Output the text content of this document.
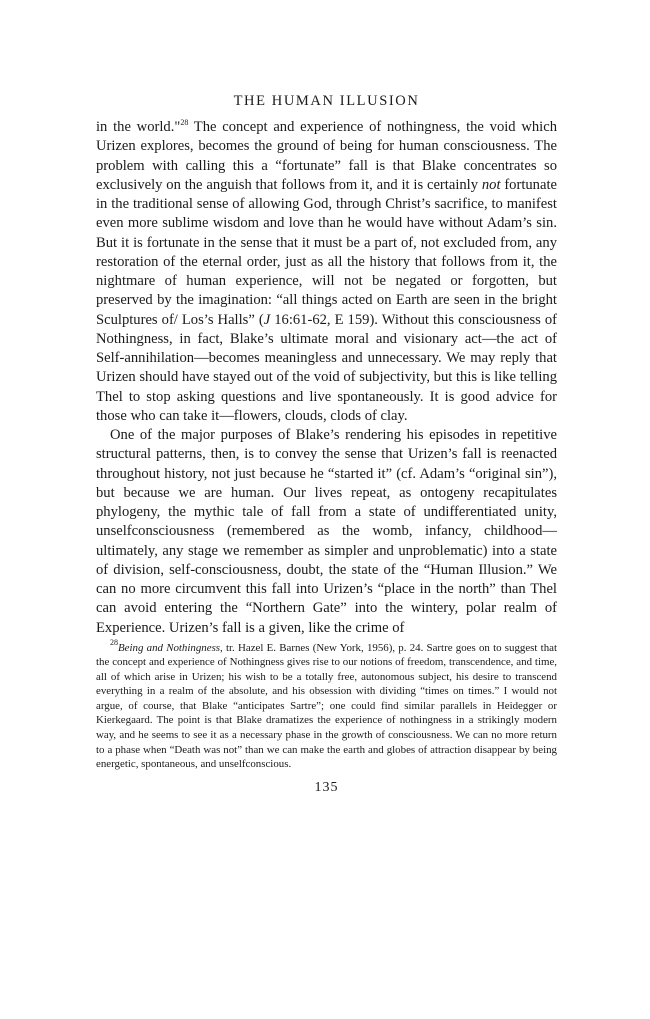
THE HUMAN ILLUSION

in the world."$^{28}$ The concept and experience of nothingness, the void which Urizen explores, becomes the ground of being for human consciousness. The problem with calling this a “fortunate” fall is that Blake concentrates so exclusively on the anguish that follows from it, and it is certainly not fortunate in the traditional sense of allowing God, through Christ’s sacrifice, to manifest even more sublime wisdom and love than he would have without Adam’s sin. But it is fortunate in the sense that it must be a part of, not excluded from, any restoration of the eternal order, just as all the history that follows from it, the nightmare of human experience, will not be negated or forgotten, but preserved by the imagination: “all things acted on Earth are seen in the bright Sculptures of/ Los’s Halls” (J 16:61-62, E 159). Without this consciousness of Nothingness, in fact, Blake’s ultimate moral and visionary act—the act of Self-annihilation—becomes meaningless and unnecessary. We may reply that Urizen should have stayed out of the void of subjectivity, but this is like telling Thel to stop asking questions and live spontaneously. It is good advice for those who can take it—flowers, clouds, clods of clay.

One of the major purposes of Blake’s rendering his episodes in repetitive structural patterns, then, is to convey the sense that Urizen’s fall is reenacted throughout history, not just because he “started it” (cf. Adam’s “original sin”), but because we are human. Our lives repeat, as ontogeny recapitulates phylogeny, the mythic tale of fall from a state of undifferentiated unity, unselfconsciousness (remembered as the womb, infancy, childhood—ultimately, any stage we remember as simpler and unproblematic) into a state of division, self-consciousness, doubt, the state of the “Human Illusion.” We can no more circumvent this fall into Urizen’s “place in the north” than Thel can avoid entering the “Northern Gate” into the wintery, polar realm of Experience. Urizen’s fall is a given, like the crime of

$^{28}$Being and Nothingness, tr. Hazel E. Barnes (New York, 1956), p. 24. Sartre goes on to suggest that the concept and experience of Nothingness gives rise to our notions of freedom, transcendence, and time, all of which arise in Urizen; his wish to be a totally free, autonomous subject, his desire to transcend everything in a realm of the absolute, and his obsession with dividing “times on times.” I would not argue, of course, that Blake “anticipates Sartre”; one could find similar parallels in Heidegger or Kierkegaard. The point is that Blake dramatizes the experience of nothingness in a strikingly modern way, and he seems to see it as a necessary phase in the growth of consciousness. We can no more return to a phase when “Death was not” than we can make the earth and globes of attraction disappear by being energetic, spontaneous, and unselfconscious.

135
